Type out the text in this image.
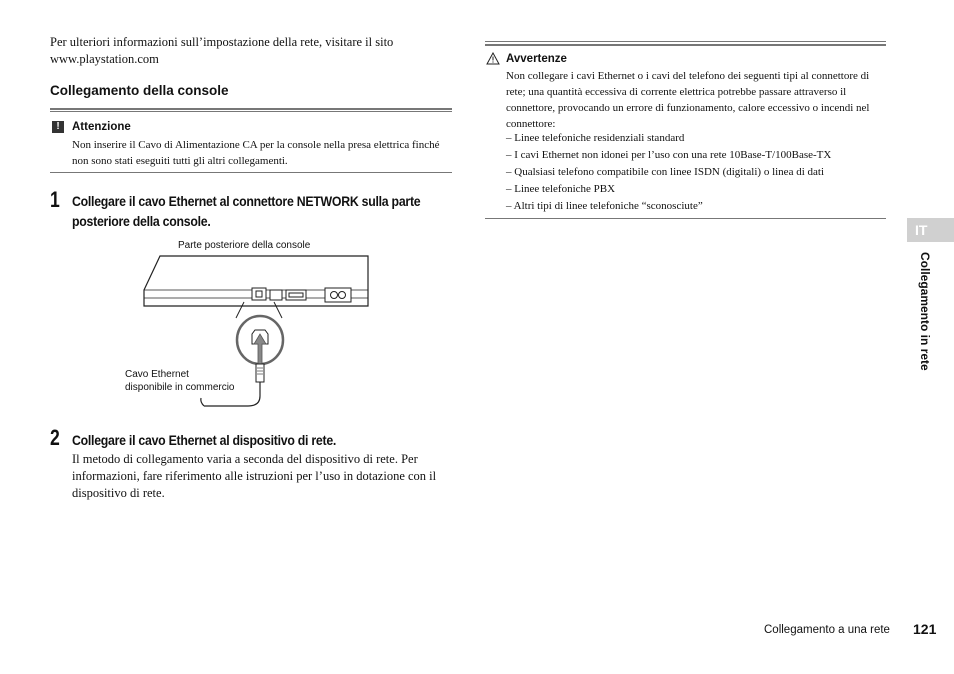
Per ulteriori informazioni sull’impostazione della rete, visitare il sito www.playstation.com
Collegamento della console
!	Attenzione
Non inserire il Cavo di Alimentazione CA per la console nella presa elettrica finché non sono stati eseguiti tutti gli altri collegamenti.
1 Collegare il cavo Ethernet al connettore NETWORK sulla parte posteriore della console.
Parte posteriore della console
Cavo Ethernet
disponibile in commercio
2 Collegare il cavo Ethernet al dispositivo di rete.
Il metodo di collegamento varia a seconda del dispositivo di rete. Per informazioni, fare riferimento alle istruzioni per l’uso in dotazione con il dispositivo di rete.
Avvertenze
Non collegare i cavi Ethernet o i cavi del telefono dei seguenti tipi al connettore di rete; una quantità eccessiva di corrente elettrica potrebbe passare attraverso il connettore, provocando un errore di funzionamento, calore eccessivo o incendi nel connettore:
– Linee telefoniche residenziali standard
– I cavi Ethernet non idonei per l’uso con una rete 10Base-T/100Base-TX
– Qualsiasi telefono compatibile con linee ISDN (digitali) o linea di dati
– Linee telefoniche PBX
– Altri tipi di linee telefoniche “sconosciute”
IT
Collegamento in rete
Collegamento a una rete 121
